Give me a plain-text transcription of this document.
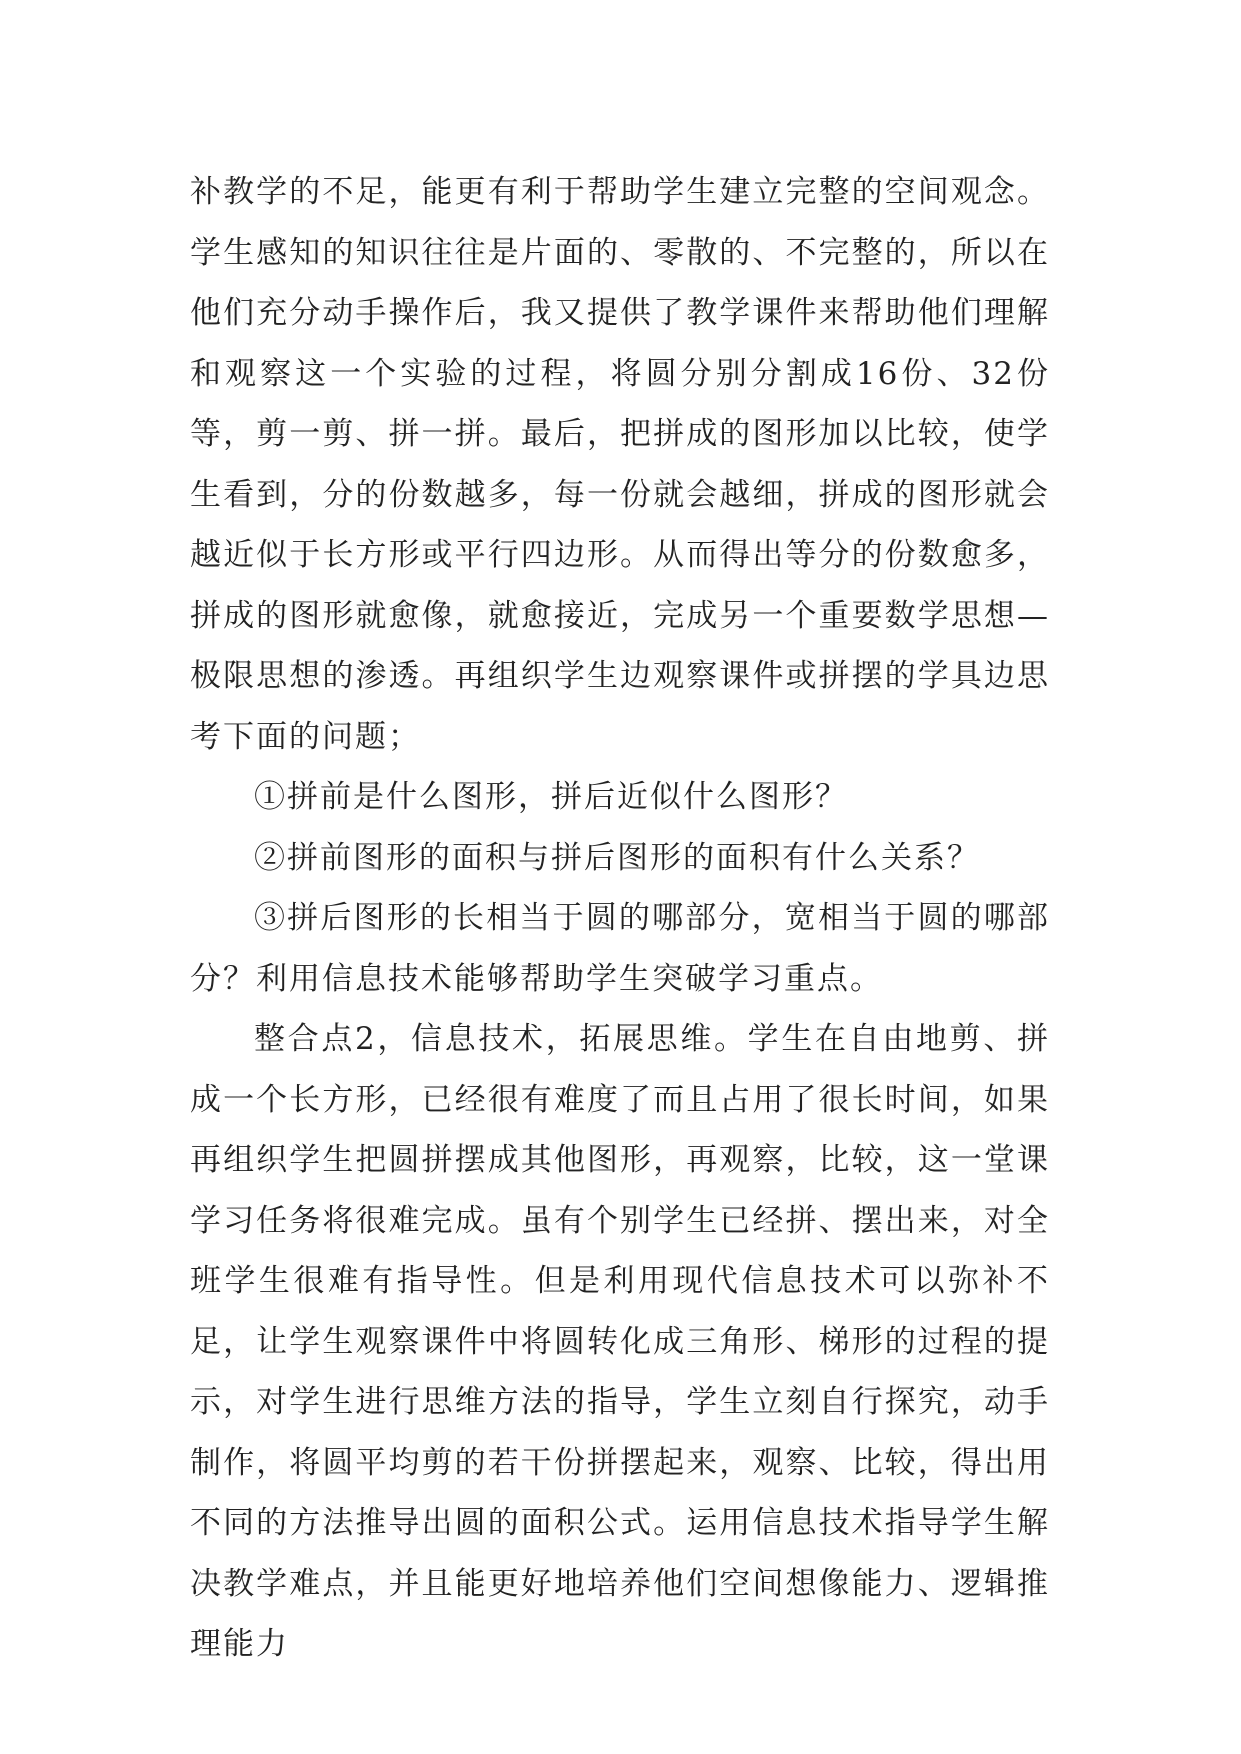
补教学的不足，能更有利于帮助学生建立完整的空间观念。学生感知的知识往往是片面的、零散的、不完整的，所以在他们充分动手操作后，我又提供了教学课件来帮助他们理解和观察这一个实验的过程，将圆分别分割成16份、32份等，剪一剪、拼一拼。最后，把拼成的图形加以比较，使学生看到，分的份数越多，每一份就会越细，拼成的图形就会越近似于长方形或平行四边形。从而得出等分的份数愈多，拼成的图形就愈像，就愈接近，完成另一个重要数学思想—极限思想的渗透。再组织学生边观察课件或拼摆的学具边思考下面的问题；

①拼前是什么图形，拼后近似什么图形？

②拼前图形的面积与拼后图形的面积有什么关系？

③拼后图形的长相当于圆的哪部分，宽相当于圆的哪部分？利用信息技术能够帮助学生突破学习重点。

整合点2，信息技术，拓展思维。学生在自由地剪、拼成一个长方形，已经很有难度了而且占用了很长时间，如果再组织学生把圆拼摆成其他图形，再观察，比较，这一堂课学习任务将很难完成。虽有个别学生已经拼、摆出来，对全班学生很难有指导性。但是利用现代信息技术可以弥补不足，让学生观察课件中将圆转化成三角形、梯形的过程的提示，对学生进行思维方法的指导，学生立刻自行探究，动手制作，将圆平均剪的若干份拼摆起来，观察、比较，得出用不同的方法推导出圆的面积公式。运用信息技术指导学生解决教学难点，并且能更好地培养他们空间想像能力、逻辑推理能力
